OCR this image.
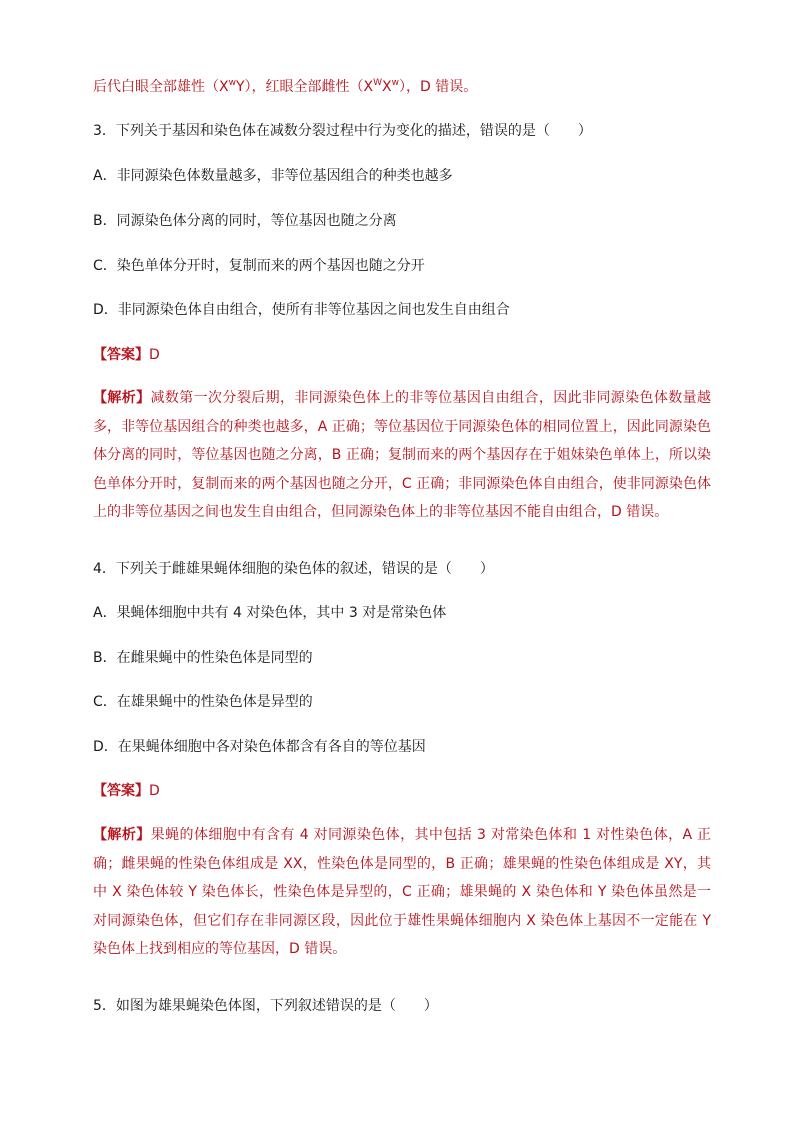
后代白眼全部雄性$(X^wY)$，红眼全部雌性$(X^WX^w)$，D 错误。
3．下列关于基因和染色体在减数分裂过程中行为变化的描述，错误的是（　　）
A．非同源染色体数量越多，非等位基因组合的种类也越多
B．同源染色体分离的同时，等位基因也随之分离
C．染色单体分开时，复制而来的两个基因也随之分开
D．非同源染色体自由组合，使所有非等位基因之间也发生自由组合
【答案】D
【解析】减数第一次分裂后期，非同源染色体上的非等位基因自由组合，因此非同源染色体数量越多，非等位基因组合的种类也越多，A 正确；等位基因位于同源染色体的相同位置上，因此同源染色体分离的同时，等位基因也随之分离，B 正确；复制而来的两个基因存在于姐妹染色单体上，所以染色单体分开时，复制而来的两个基因也随之分开，C 正确；非同源染色体自由组合，使非同源染色体上的非等位基因之间也发生自由组合，但同源染色体上的非等位基因不能自由组合，D 错误。
4．下列关于雌雄果蝇体细胞的染色体的叙述，错误的是（　　）
A．果蝇体细胞中共有 4 对染色体，其中 3 对是常染色体
B．在雌果蝇中的性染色体是同型的
C．在雄果蝇中的性染色体是异型的
D．在果蝇体细胞中各对染色体都含有各自的等位基因
【答案】D
【解析】果蝇的体细胞中有含有 4 对同源染色体，其中包括 3 对常染色体和 1 对性染色体，A 正确；雌果蝇的性染色体组成是 XX，性染色体是同型的，B 正确；雄果蝇的性染色体组成是 XY，其中 X 染色体较 Y 染色体长，性染色体是异型的，C 正确；雄果蝇的 X 染色体和 Y 染色体虽然是一对同源染色体，但它们存在非同源区段，因此位于雄性果蝇体细胞内 X 染色体上基因不一定能在 Y 染色体上找到相应的等位基因，D 错误。
5．如图为雄果蝇染色体图，下列叙述错误的是（　　）
